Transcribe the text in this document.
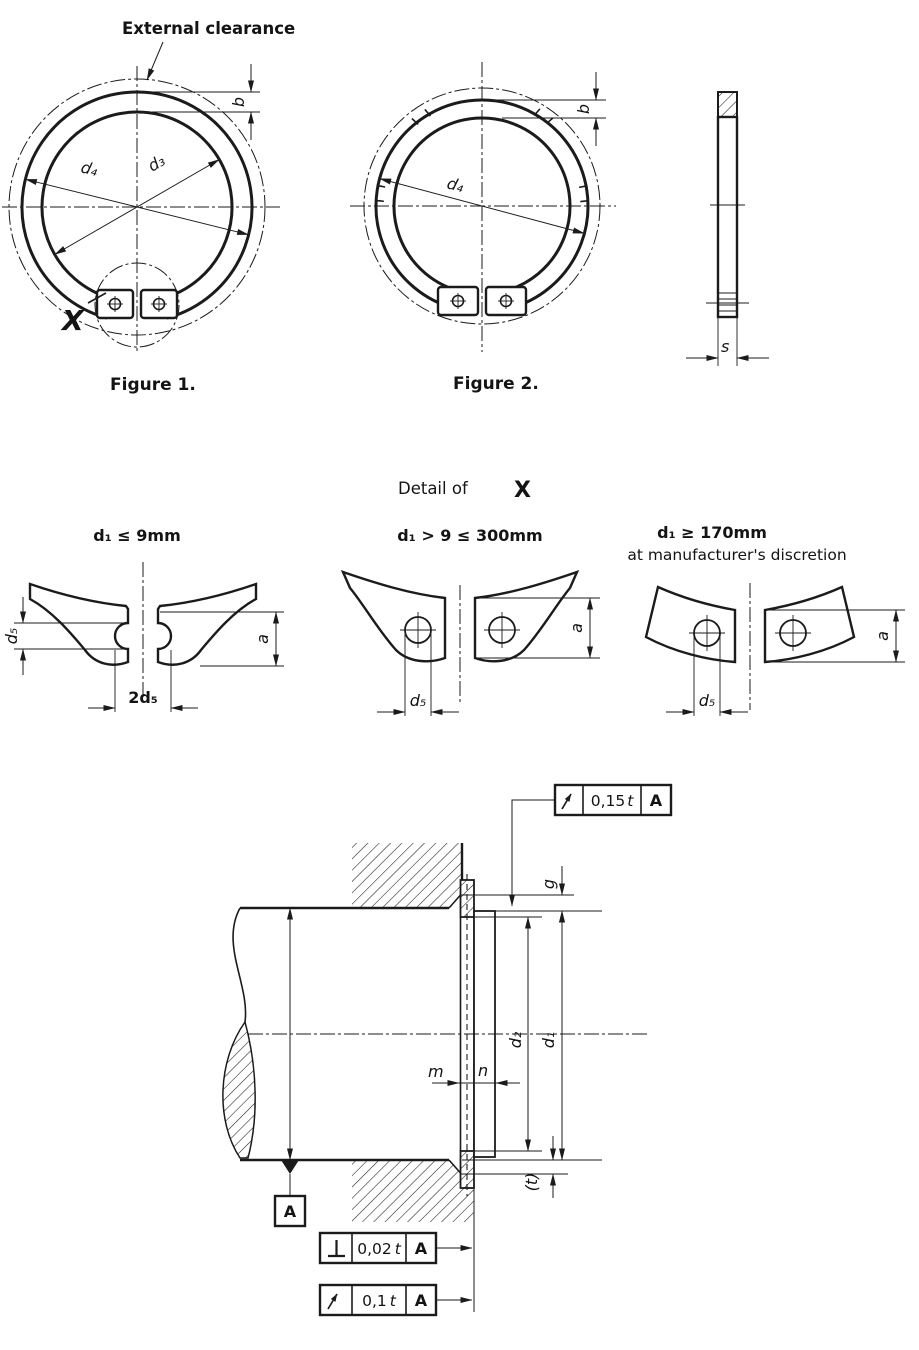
External clearance
d₄	d₃
b
X
Figure 1.
d₄
b
Figure 2.
s
Detail of X
d₁ ≤ 9mm	d₁ > 9 ≤ 300mm	d₁ ≥ 170mm
at manufacturer's discretion
d₅
2d₅
a
d₅
a
d₅
a
A
g
d₂ d₁
m n
(t)
0,15 t A
0,02 t A
0,1 t A
